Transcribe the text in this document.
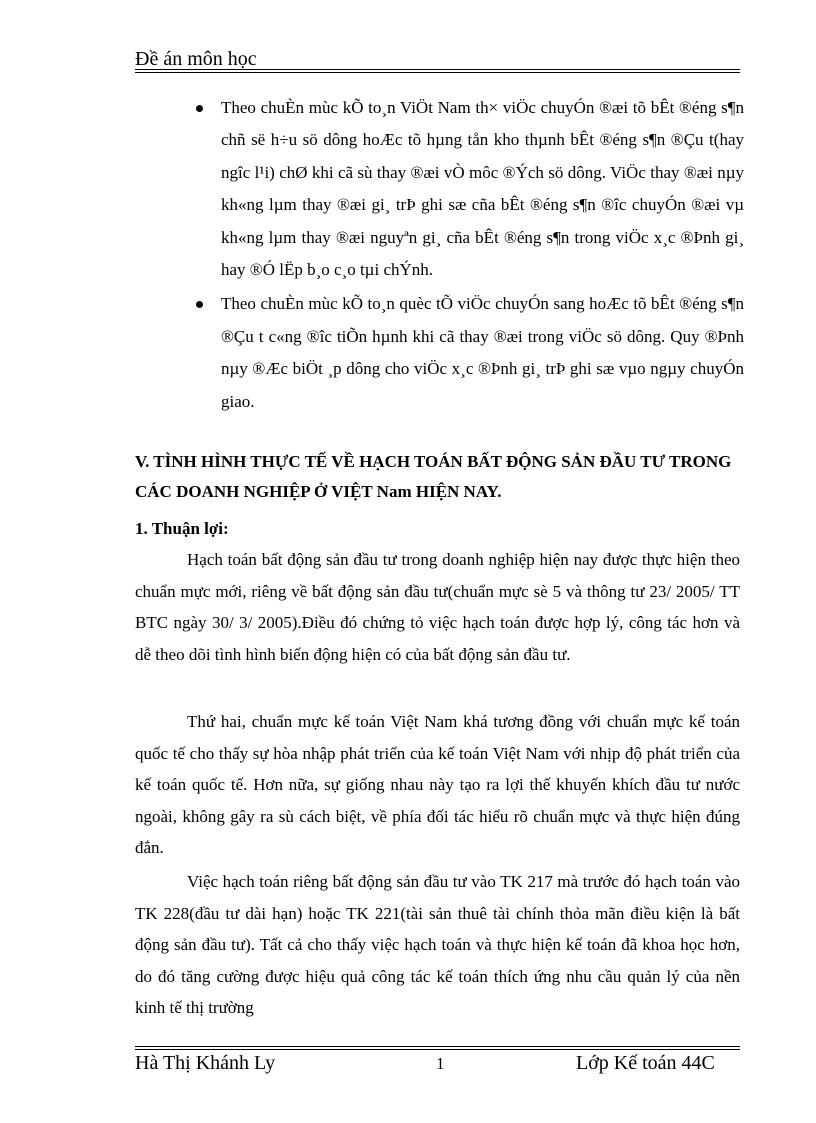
Đề án môn học
Theo chuÈn mùc kÕ to¸n ViÖt Nam th× viÖc chuyÓn ®æi tõ bÊt ®éng s¶n chñ së h÷u sö dông hoÆc tõ hµng tån kho thµnh bÊt ®éng s¶n ®Çu t(hay ngîc l¹i) chØ khi cã sù thay ®æi vÒ môc ®Ých sö dông. ViÖc thay ®æi nµy kh«ng lµm thay ®æi gi¸ trÞ ghi sæ cña bÊt ®éng s¶n ®îc chuyÓn ®æi vµ kh«ng lµm thay ®æi nguyªn gi¸ cña bÊt ®éng s¶n trong viÖc x¸c ®Þnh gi¸ hay ®Ó lËp b¸o c¸o tµi chÝnh.
Theo chuÈn mùc kÕ to¸n quèc tÕ viÖc chuyÓn sang hoÆc tõ bÊt ®éng s¶n ®Çu t c«ng ®îc tiÕn hµnh khi cã thay ®æi trong viÖc sö dông. Quy ®Þnh nµy ®Æc biÖt ¸p dông cho viÖc x¸c ®Þnh gi¸ trÞ ghi sæ vµo ngµy chuyÓn giao.
V. TÌNH HÌNH THỰC TẾ VỀ HẠCH TOÁN BẤT ĐỘNG SẢN ĐẦU TƯ TRONG CÁC DOANH NGHIỆP Ở VIỆT Nam HIỆN NAY.
1. Thuận lợi:

Hạch toán bất động sản đầu tư trong doanh nghiệp hiện nay được thực hiện theo chuẩn mực mới, riêng về bất động sản đầu tư(chuẩn mực sè 5 và thông tư 23/ 2005/ TT BTC ngày 30/ 3/ 2005).Điều đó chứng tỏ việc hạch toán được hợp lý, công tác hơn và dễ theo dõi tình hình biến động hiện có của bất động sản đầu tư.

Thứ hai, chuẩn mực kế toán Việt Nam khá tương đồng với chuẩn mực kế toán quốc tế cho thấy sự hòa nhập phát triển của kế toán Việt Nam với nhịp độ phát triển của kế toán quốc tế. Hơn nữa, sự giống nhau này tạo ra lợi thế khuyến khích đầu tư nước ngoài, không gây ra sù cách biệt, về phía đối tác hiểu rõ chuẩn mực và thực hiện đúng đắn.

Việc hạch toán riêng bất động sản đầu tư vào TK 217 mà trước đó hạch toán vào TK 228(đầu tư dài hạn) hoặc TK 221(tài sản thuê tài chính thỏa mãn điều kiện là bất động sản đầu tư). Tất cả cho thấy việc hạch toán và thực hiện kế toán đã khoa học hơn, do đó tăng cường được hiệu quả công tác kế toán thích ứng nhu cầu quản lý của nền kinh tế thị trường

Hà Thị Khánh Ly	1	Lớp Kế toán 44C
